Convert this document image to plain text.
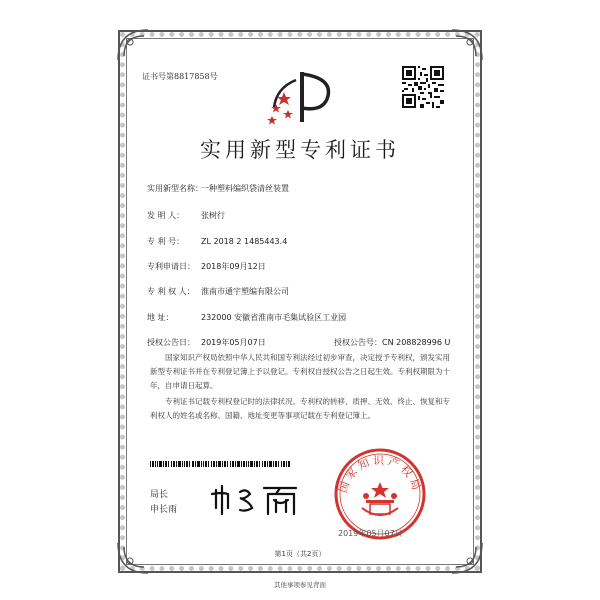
证书号第8817858号
实用新型专利证书
实用新型名称：一种塑料编织袋清丝装置
发 明 人： 张树行
专 利 号： ZL 2018 2 1485443.4
专利申请日： 2018年09月12日
专 利 权 人： 淮南市通宇塑编有限公司
地 址：	232000 安徽省淮南市毛集试验区工业园
授权公告日： 2019年05月07日	授权公告号：CN 208828996 U
国家知识产权局依照中华人民共和国专利法经过初步审查，决定授予专利权，颁发实用新型专利证书并在专利登记簿上予以登记。专利权自授权公告之日起生效。专利权期限为十年，自申请日起算。
专利证书记载专利权登记时的法律状况。专利权的转移、质押、无效、终止、恢复和专利权人的姓名或名称、国籍、地址变更等事项记载在专利登记簿上。
局长
申长雨
国家知识产权局
2019年05月07日
第1页（共2页）
其他事项参见背面
